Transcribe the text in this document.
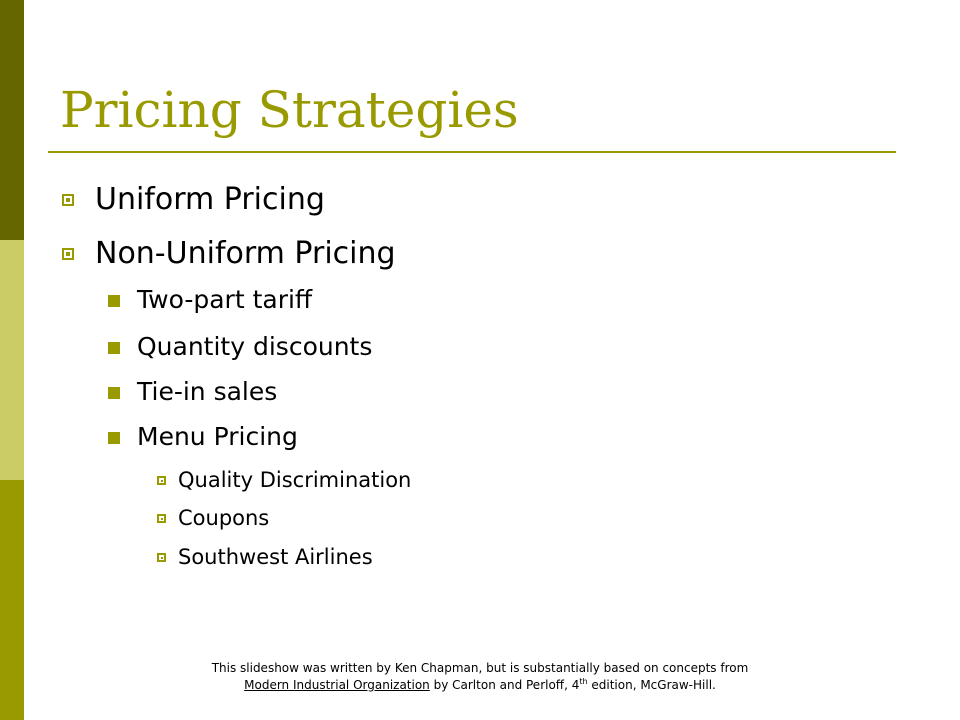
Pricing Strategies
Uniform Pricing
Non-Uniform Pricing
Two-part tariff
Quantity discounts
Tie-in sales
Menu Pricing
Quality Discrimination
Coupons
Southwest Airlines
This slideshow was written by Ken Chapman, but is substantially based on concepts from
Modern Industrial Organization by Carlton and Perloff, 4th edition, McGraw-Hill.
